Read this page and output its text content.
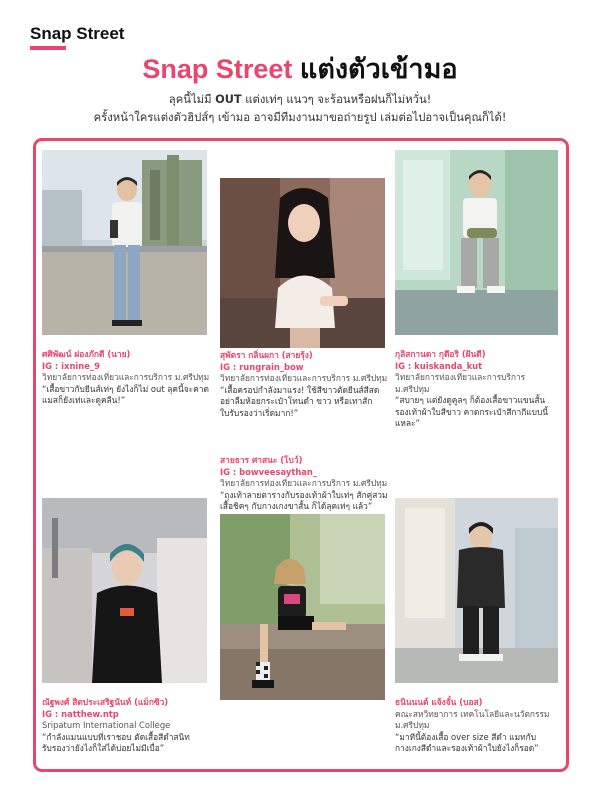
Snap Street
Snap Street แต่งตัวเข้ามอ
ลุคนี้ไม่มี OUT แต่งเท่ๆ แนวๆ จะร้อนหรือฝนก็ไม่หวั่น!
ครั้งหน้าใครแต่งตัวฮิปส์ๆ เข้ามอ อาจมีทีมงานมาขอถ่ายรูป เล่มต่อไปอาจเป็นคุณก็ได้!
ศศิพัฒน์ ผ่องภักดี (นาย)
IG : ixnine_9
วิทยาลัยการท่องเที่ยวและการบริการ ม.ศรีปทุม
“เสื้อขาวกับยีนส์เท่ๆ ยังไงก็ไม่ out ลุคนี้จะคาดแมสก็ยังเท่และดูคลีน!”
สุพัตรา กลิ่นผกา (สายรุ้ง)
IG : rungrain_bow
วิทยาลัยการท่องเที่ยวและการบริการ ม.ศรีปทุม
“เสื้อครอปกำลังมาแรง! ใช้สีขาวตัดยีนส์สีสดอย่าลืมห้อยกระเป๋าโทนดำ ขาว หรือเทาสักใบรับรองว่าเริ่ดมาก!”
กุลิสกานดา กุดีอริ (ฝันดี)
IG : kuiskanda_kut
วิทยาลัยการท่องเที่ยวและการบริการ ม.ศรีปทุม
“สบายๆ แต่ยังดูคูลๆ ก็ต้องเสื้อขาวแขนสั้นรองเท้าผ้าใบสีขาว คาดกระเป๋าสีกากีแบบนี้แหละ”
สายธาร ศาสนะ (โบว์)
IG : bowveesaythan_
วิทยาลัยการท่องเที่ยวและการบริการ ม.ศรีปทุม
“ถุงเท้าลายตารางกับรองเท้าผ้าใบเท่ๆ สักคู่สวมเสื้อชิคๆ กับกางเกงขาสั้น ก็ได้ลุคเท่ๆ แล้ว”
ณัฐพงศ์ สิตประเสริฐนันท์ (แม็กซิว)
IG : natthew.ntp
Sripatum International College
“กำลังแมนแบบที่เราชอบ ตัดเสื้อสีดำสนิท รับรองว่ายังไงก็ใส่ได้บ่อยไม่มีเบื่อ”
ธนินนนต์ แจ้งจั๋น (บอส)
คณะสหวิทยาการ เทคโนโลยีและนวัตกรรม ม.ศรีปทุม
“มาทีนี้ต้องเสื้อ over size สีดำ แมทกับกางเกงสีดำและรองเท้าผ้าใบยังไงก็รอด”
